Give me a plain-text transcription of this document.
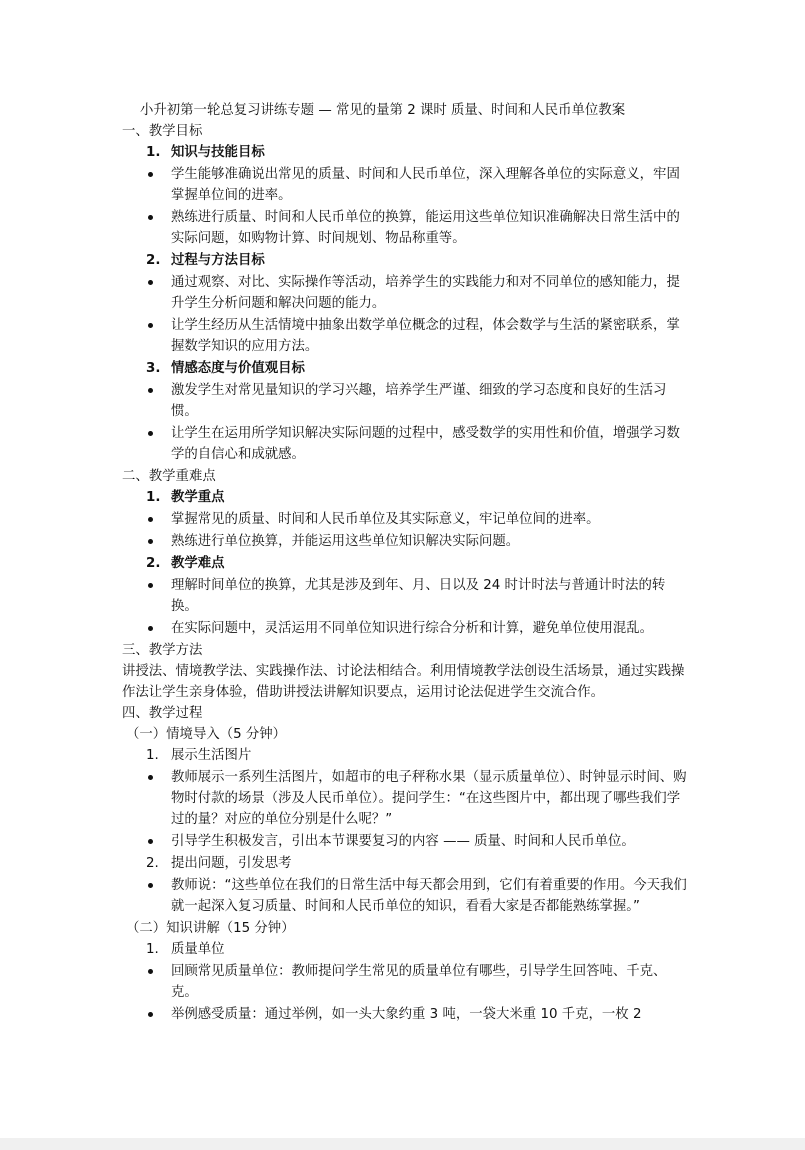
小升初第一轮总复习讲练专题 — 常见的量第 2 课时 质量、时间和人民币单位教案

一、教学目标

1. 知识与技能目标
学生能够准确说出常见的质量、时间和人民币单位，深入理解各单位的实际意义，牢固掌握单位间的进率。
熟练进行质量、时间和人民币单位的换算，能运用这些单位知识准确解决日常生活中的实际问题，如购物计算、时间规划、物品称重等。
2. 过程与方法目标
通过观察、对比、实际操作等活动，培养学生的实践能力和对不同单位的感知能力，提升学生分析问题和解决问题的能力。
让学生经历从生活情境中抽象出数学单位概念的过程，体会数学与生活的紧密联系，掌握数学知识的应用方法。
3. 情感态度与价值观目标
激发学生对常见量知识的学习兴趣，培养学生严谨、细致的学习态度和良好的生活习惯。
让学生在运用所学知识解决实际问题的过程中，感受数学的实用性和价值，增强学习数学的自信心和成就感。

二、教学重难点

1. 教学重点
掌握常见的质量、时间和人民币单位及其实际意义，牢记单位间的进率。
熟练进行单位换算，并能运用这些单位知识解决实际问题。
2. 教学难点
理解时间单位的换算，尤其是涉及到年、月、日以及 24 时计时法与普通计时法的转换。
在实际问题中，灵活运用不同单位知识进行综合分析和计算，避免单位使用混乱。

三、教学方法

讲授法、情境教学法、实践操作法、讨论法相结合。利用情境教学法创设生活场景，通过实践操作法让学生亲身体验，借助讲授法讲解知识要点，运用讨论法促进学生交流合作。

四、教学过程

（一）情境导入（5 分钟）

1. 展示生活图片
教师展示一系列生活图片，如超市的电子秤称水果（显示质量单位）、时钟显示时间、购物时付款的场景（涉及人民币单位）。提问学生：“在这些图片中，都出现了哪些我们学过的量？对应的单位分别是什么呢？”
引导学生积极发言，引出本节课要复习的内容 —— 质量、时间和人民币单位。
2. 提出问题，引发思考
教师说：“这些单位在我们的日常生活中每天都会用到，它们有着重要的作用。今天我们就一起深入复习质量、时间和人民币单位的知识，看看大家是否都能熟练掌握。”

（二）知识讲解（15 分钟）

1. 质量单位
回顾常见质量单位：教师提问学生常见的质量单位有哪些，引导学生回答吨、千克、克。
举例感受质量：通过举例，如一头大象约重 3 吨，一袋大米重 10 千克，一枚 2
